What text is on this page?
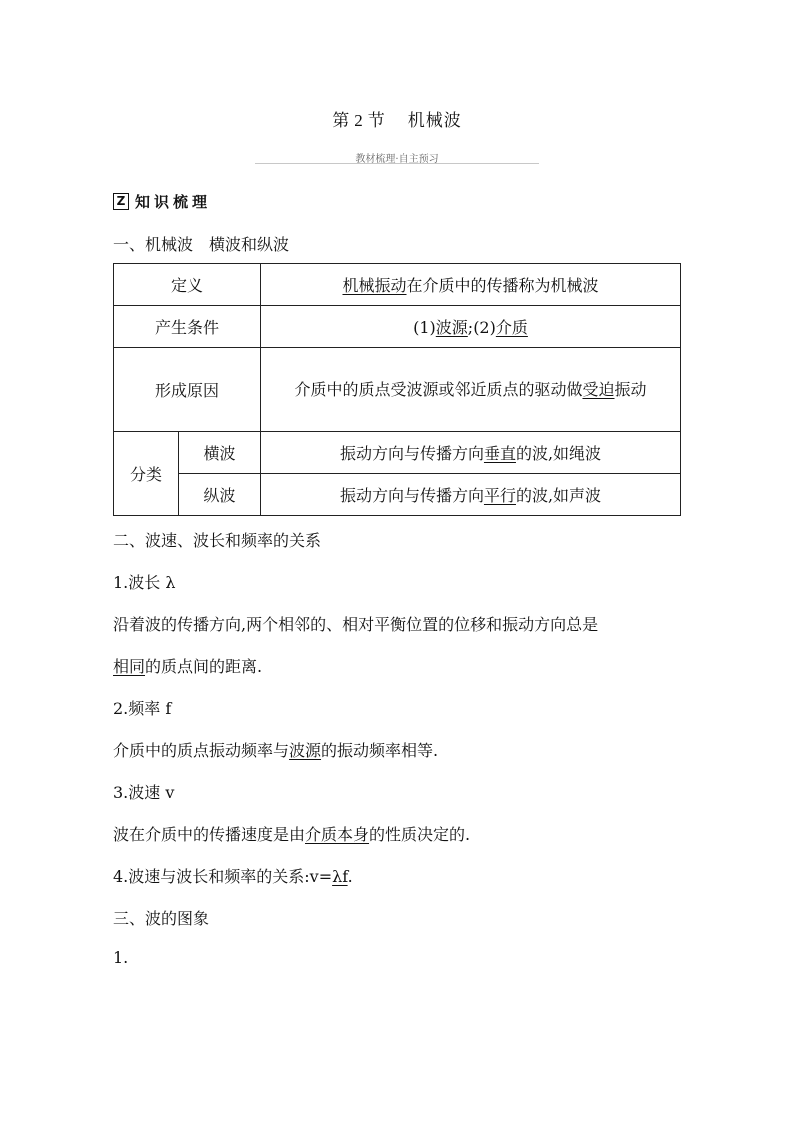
第 2 节 机械波
教材梳理·自主预习
Z 知识梳理
一、机械波　横波和纵波
定义		机械振动在介质中的传播称为机械波
产生条件		(1)波源;(2)介质
形成原因		介质中的质点受波源或邻近质点的驱动做受迫振动
分类	横波	振动方向与传播方向垂直的波,如绳波
	纵波	振动方向与传播方向平行的波,如声波
二、波速、波长和频率的关系
1.波长 λ
沿着波的传播方向,两个相邻的、相对平衡位置的位移和振动方向总是
相同的质点间的距离.
2.频率 f
介质中的质点振动频率与波源的振动频率相等.
3.波速 v
波在介质中的传播速度是由介质本身的性质决定的.
4.波速与波长和频率的关系:v=λf.
三、波的图象
1.
